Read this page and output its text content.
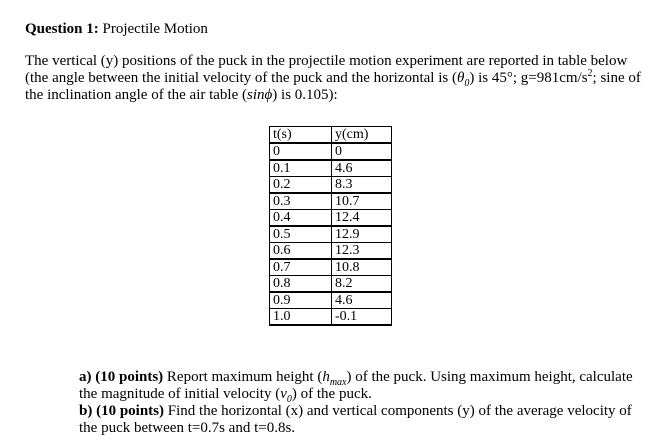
Question 1: Projectile Motion
The vertical (y) positions of the puck in the projectile motion experiment are reported in table below
(the angle between the initial velocity of the puck and the horizontal is $(\theta_0)$ is 45°; $g=981cm/s^2$; sine of
the inclination angle of the air table (sinϕ) is 0.105):
t(s)	y(cm)
0	0
0.1	4.6
0.2	8.3
0.3	10.7
0.4	12.4
0.5	12.9
0.6	12.3
0.7	10.8
0.8	8.2
0.9	4.6
1.0	-0.1
a) (10 points) Report maximum height $(h_{max})$ of the puck. Using maximum height, calculate
the magnitude of initial velocity $(v_0)$ of the puck.
b) (10 points) Find the horizontal (x) and vertical components (y) of the average velocity of
the puck between t=0.7s and t=0.8s.
